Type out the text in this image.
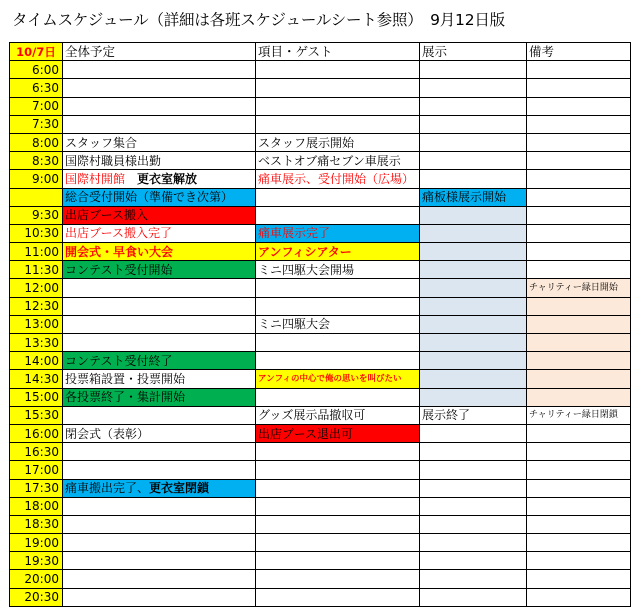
タイムスケジュール（詳細は各班スケジュールシート参照）　9月12日版
10/7日	全体予定	項目・ゲスト	展示	備考
6:00				
6:30				
7:00				
7:30				
8:00	スタッフ集合	スタッフ展示開始		
8:30	国際村職員様出勤	ベストオブ痛セブン車展示		
9:00	国際村開館　 更衣室解放	痛車展示、受付開始（広場）		
	総合受付開始（準備でき次第）		痛板様展示開始	
9:30	出店ブース搬入			
10:30	出店ブース搬入完了	痛車展示完了		
11:00	開会式・早食い大会	アンフィシアター		
11:30	コンテスト受付開始	ミニ四駆大会開場		
12:00				チャリティー緑日開始
12:30				
13:00		ミニ四駆大会		
13:30				
14:00	コンテスト受付終了			
14:30	投票箱設置・投票開始	アンフィの中心で俺の思いを叫びたい		
15:00	各投票終了・集計開始			
15:30		グッズ展示品撤収可	展示終了	チャリティー緑日閉鎖
16:00	閉会式（表彰）	出店ブース退出可		
16:30				
17:00				
17:30	痛車搬出完了、更衣室閉鎖			
18:00				
18:30				
19:00				
19:30				
20:00				
20:30				
